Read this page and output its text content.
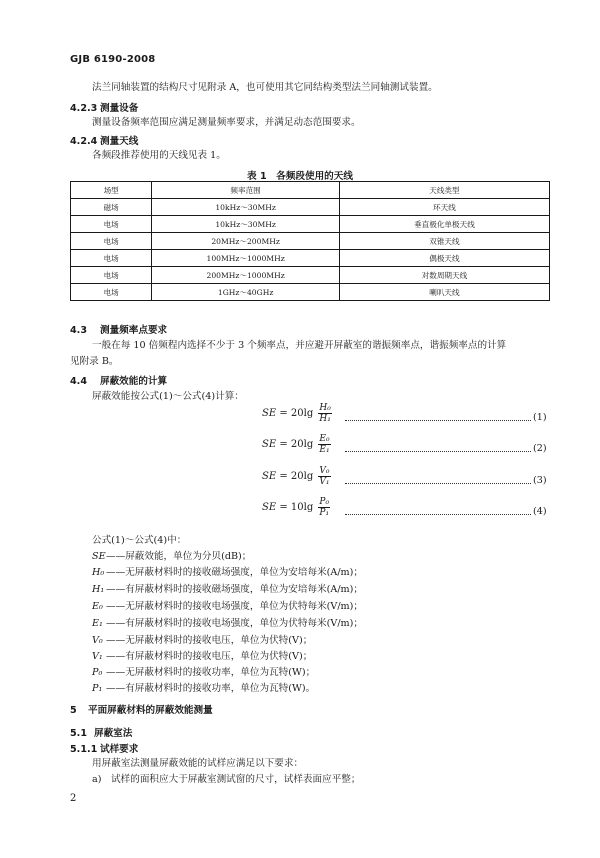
GJB 6190-2008
法兰同轴装置的结构尺寸见附录 A，也可使用其它同结构类型法兰同轴测试装置。
4.2.3 测量设备
测量设备频率范围应满足测量频率要求，并满足动态范围要求。
4.2.4 测量天线
各频段推荐使用的天线见表 1。
表 1　各频段使用的天线
场型	频率范围	天线类型
磁场	10kHz～30MHz	环天线
电场	10kHz～30MHz	垂直极化单极天线
电场	20MHz～200MHz	双锥天线
电场	100MHz～1000MHz	偶极天线
电场	200MHz～1000MHz	对数周期天线
电场	1GHz～40GHz	喇叭天线
4.3 测量频率点要求
一般在每 10 倍频程内选择不少于 3 个频率点，并应避开屏蔽室的谐振频率点，谐振频率点的计算
见附录 B。
4.4 屏蔽效能的计算
屏蔽效能按公式(1)～公式(4)计算：
SE = $20\lg \frac{\text{H₀}}{\text{H₁}}$	(1)
SE = $20\lg \frac{\text{E₀}}{\text{E₁}}$	(2)
SE = $20\lg \frac{\text{V₀}}{\text{V₁}}$	(3)
SE = $10\lg \frac{\text{P₀}}{\text{P₁}}$	(4)
公式(1)～公式(4)中：
SE——屏蔽效能，单位为分贝(dB)；
H₀ ——无屏蔽材料时的接收磁场强度，单位为安培每米(A/m)；
H₁ ——有屏蔽材料时的接收磁场强度，单位为安培每米(A/m)；
E₀ ——无屏蔽材料时的接收电场强度，单位为伏特每米(V/m)；
E₁ ——有屏蔽材料时的接收电场强度，单位为伏特每米(V/m)；
V₀ ——无屏蔽材料时的接收电压，单位为伏特(V)；
V₁ ——有屏蔽材料时的接收电压，单位为伏特(V)；
P₀ ——无屏蔽材料时的接收功率，单位为瓦特(W)；
P₁ ——有屏蔽材料时的接收功率，单位为瓦特(W)。
5 平面屏蔽材料的屏蔽效能测量
5.1 屏蔽室法
5.1.1 试样要求
用屏蔽室法测量屏蔽效能的试样应满足以下要求：
a)　试样的面积应大于屏蔽室测试窗的尺寸，试样表面应平整；
2
